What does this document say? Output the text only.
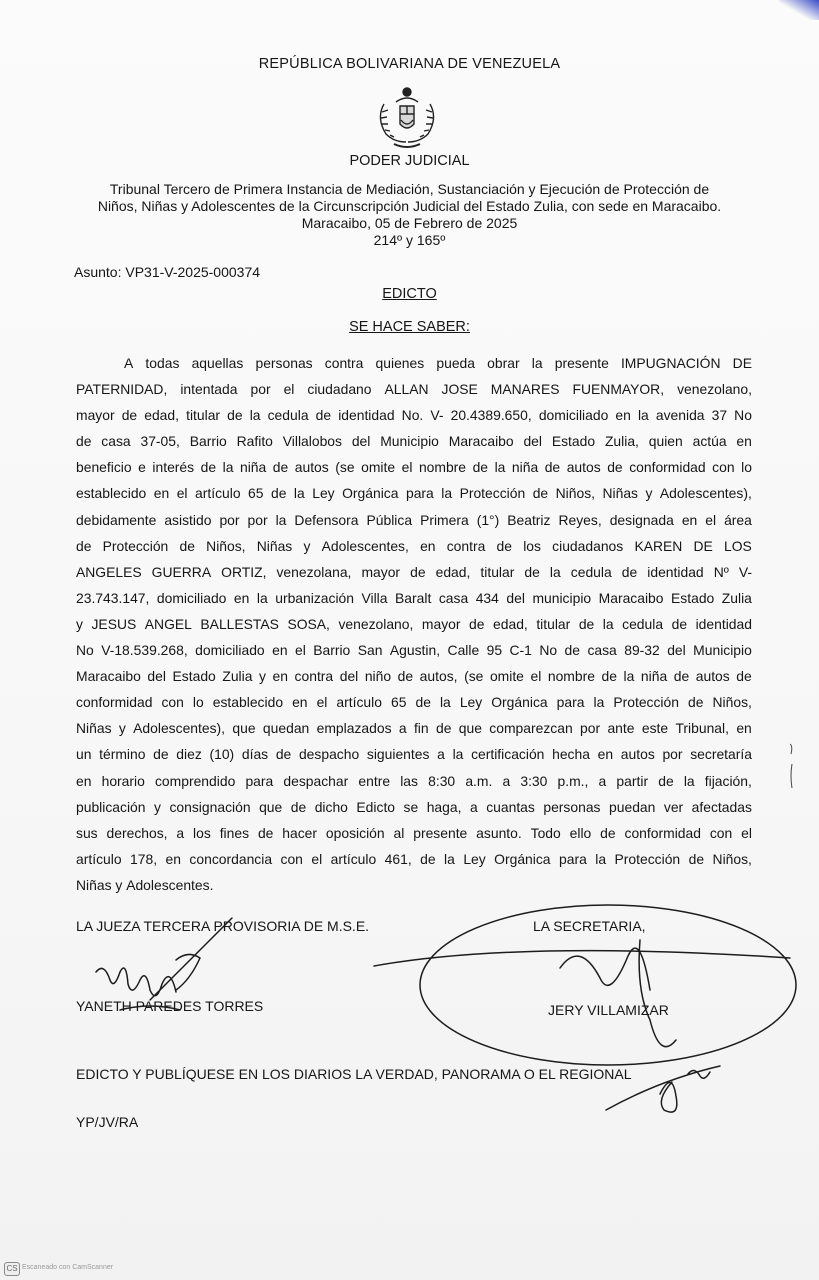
REPÚBLICA BOLIVARIANA DE VENEZUELA
PODER JUDICIAL
Tribunal Tercero de Primera Instancia de Mediación, Sustanciación y Ejecución de Protección de
Niños, Niñas y Adolescentes de la Circunscripción Judicial del Estado Zulia, con sede en Maracaibo.
Maracaibo, 05 de Febrero de 2025
214º y 165º
Asunto: VP31-V-2025-000374
EDICTO
SE HACE SABER:
A todas aquellas personas contra quienes pueda obrar la presente IMPUGNACIÓN DE
PATERNIDAD, intentada por el ciudadano ALLAN JOSE MANARES FUENMAYOR, venezolano,
mayor de edad, titular de la cedula de identidad No. V- 20.4389.650, domiciliado en la avenida 37 No
de casa 37-05, Barrio Rafito Villalobos del Municipio Maracaibo del Estado Zulia, quien actúa en
beneficio e interés de la niña de autos (se omite el nombre de la niña de autos de conformidad con lo
establecido en el artículo 65 de la Ley Orgánica para la Protección de Niños, Niñas y Adolescentes),
debidamente asistido por por la Defensora Pública Primera (1°) Beatriz Reyes, designada en el área
de Protección de Niños, Niñas y Adolescentes, en contra de los ciudadanos KAREN DE LOS
ANGELES GUERRA ORTIZ, venezolana, mayor de edad, titular de la cedula de identidad Nº V-
23.743.147, domiciliado en la urbanización Villa Baralt casa 434 del municipio Maracaibo Estado Zulia
y JESUS ANGEL BALLESTAS SOSA, venezolano, mayor de edad, titular de la cedula de identidad
No V-18.539.268, domiciliado en el Barrio San Agustin, Calle 95 C-1 No de casa 89-32 del Municipio
Maracaibo del Estado Zulia y en contra del niño de autos, (se omite el nombre de la niña de autos de
conformidad con lo establecido en el artículo 65 de la Ley Orgánica para la Protección de Niños,
Niñas y Adolescentes), que quedan emplazados a fin de que comparezcan por ante este Tribunal, en
un término de diez (10) días de despacho siguientes a la certificación hecha en autos por secretaría
en horario comprendido para despachar entre las 8:30 a.m. a 3:30 p.m., a partir de la fijación,
publicación y consignación que de dicho Edicto se haga, a cuantas personas puedan ver afectadas
sus derechos, a los fines de hacer oposición al presente asunto. Todo ello de conformidad con el
artículo 178, en concordancia con el artículo 461, de la Ley Orgánica para la Protección de Niños,
Niñas y Adolescentes.
LA JUEZA TERCERA PROVISORIA DE M.S.E.	LA SECRETARIA,
YANETH PAREDES TORRES	JERY VILLAMIZAR
EDICTO Y PUBLÍQUESE EN LOS DIARIOS LA VERDAD, PANORAMA O EL REGIONAL
YP/JV/RA
CS Escaneado con CamScanner
